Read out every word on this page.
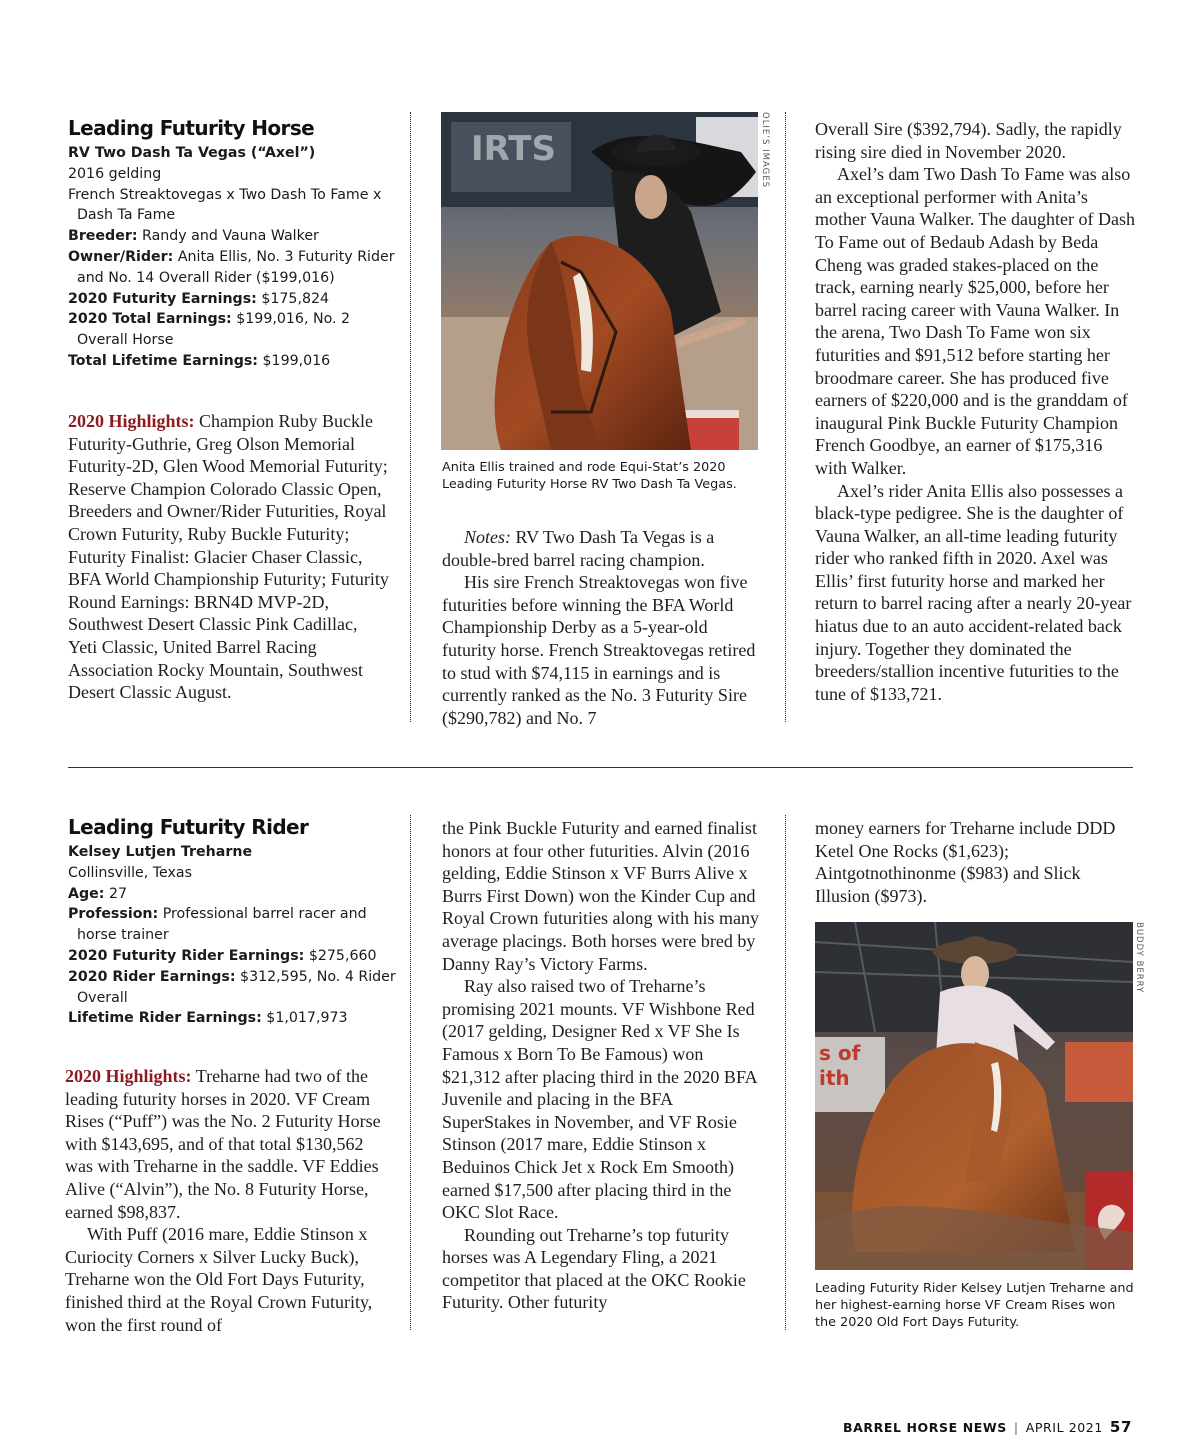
Leading Futurity Horse

RV Two Dash Ta Vegas (“Axel”)

2016 gelding

French Streaktovegas x Two Dash To Fame x Dash Ta Fame

Breeder: Randy and Vauna Walker

Owner/Rider: Anita Ellis, No. 3 Futurity Rider and No. 14 Overall Rider ($199,016)

2020 Futurity Earnings: $175,824

2020 Total Earnings: $199,016, No. 2 Overall Horse

Total Lifetime Earnings: $199,016

2020 Highlights: Champion Ruby Buckle Futurity-Guthrie, Greg Olson Memorial Futurity-2D, Glen Wood Memorial Futurity; Reserve Champion Colorado Classic Open, Breeders and Owner/Rider Futurities, Royal Crown Futurity, Ruby Buckle Futurity; Futurity Finalist: Glacier Chaser Classic, BFA World Championship Futurity; Futurity Round Earnings: BRN4D MVP-2D, Southwest Desert Classic Pink Cadillac, Yeti Classic, United Barrel Racing Association Rocky Mountain, Southwest Desert Classic August.

IRTS	OLIE’S IMAGES
Anita Ellis trained and rode Equi-Stat’s 2020 Leading Futurity Horse RV Two Dash Ta Vegas.

Notes: RV Two Dash Ta Vegas is a double-bred barrel racing champion.

His sire French Streaktovegas won five futurities before winning the BFA World Championship Derby as a 5-year-old futurity horse. French Streaktovegas retired to stud with $74,115 in earnings and is currently ranked as the No. 3 Futurity Sire ($290,782) and No. 7

Overall Sire ($392,794). Sadly, the rapidly rising sire died in November 2020.

Axel’s dam Two Dash To Fame was also an exceptional performer with Anita’s mother Vauna Walker. The daughter of Dash To Fame out of Bedaub Adash by Beda Cheng was graded stakes-placed on the track, earning nearly $25,000, before her barrel racing career with Vauna Walker. In the arena, Two Dash To Fame won six futurities and $91,512 before starting her broodmare career. She has produced five earners of $220,000 and is the granddam of inaugural Pink Buckle Futurity Champion French Goodbye, an earner of $175,316 with Walker.

Axel’s rider Anita Ellis also possesses a black-type pedigree. She is the daughter of Vauna Walker, an all-time leading futurity rider who ranked fifth in 2020. Axel was Ellis’ first futurity horse and marked her return to barrel racing after a nearly 20-year hiatus due to an auto accident-related back injury. Together they dominated the breeders/stallion incentive futurities to the tune of $133,721.

Leading Futurity Rider

Kelsey Lutjen Treharne

Collinsville, Texas

Age: 27

Profession: Professional barrel racer and horse trainer

2020 Futurity Rider Earnings: $275,660

2020 Rider Earnings: $312,595, No. 4 Rider Overall

Lifetime Rider Earnings: $1,017,973

2020 Highlights: Treharne had two of the leading futurity horses in 2020. VF Cream Rises (“Puff”) was the No. 2 Futurity Horse with $143,695, and of that total $130,562 was with Treharne in the saddle. VF Eddies Alive (“Alvin”), the No. 8 Futurity Horse, earned $98,837.

With Puff (2016 mare, Eddie Stinson x Curiocity Corners x Silver Lucky Buck), Treharne won the Old Fort Days Futurity, finished third at the Royal Crown Futurity, won the first round of

the Pink Buckle Futurity and earned finalist honors at four other futurities. Alvin (2016 gelding, Eddie Stinson x VF Burrs Alive x Burrs First Down) won the Kinder Cup and Royal Crown futurities along with his many average placings. Both horses were bred by Danny Ray’s Victory Farms.

Ray also raised two of Treharne’s promising 2021 mounts. VF Wishbone Red (2017 gelding, Designer Red x VF She Is Famous x Born To Be Famous) won $21,312 after placing third in the 2020 BFA Juvenile and placing in the BFA SuperStakes in November, and VF Rosie Stinson (2017 mare, Eddie Stinson x Beduinos Chick Jet x Rock Em Smooth) earned $17,500 after placing third in the OKC Slot Race.

Rounding out Treharne’s top futurity horses was A Legendary Fling, a 2021 competitor that placed at the OKC Rookie Futurity. Other futurity

money earners for Treharne include DDD Ketel One Rocks ($1,623); Aintgotnothinonme ($983) and Slick Illusion ($973).

s of
ith
BUDDY BERRY
Leading Futurity Rider Kelsey Lutjen Treharne and her highest-earning horse VF Cream Rises won the 2020 Old Fort Days Futurity.
BARREL HORSE NEWS | APRIL 2021 57
